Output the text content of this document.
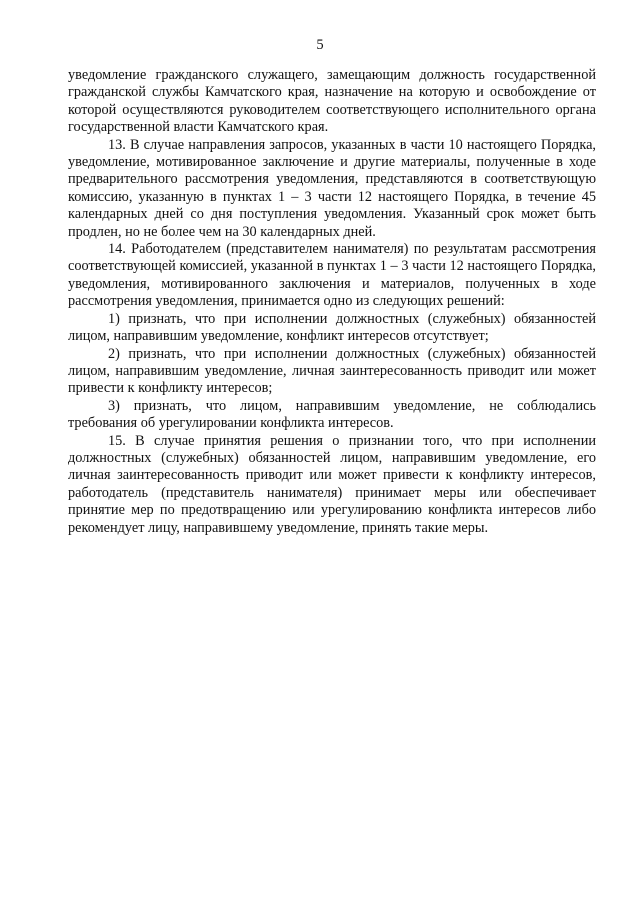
5

уведомление гражданского служащего, замещающим должность государственной гражданской службы Камчатского края, назначение на которую и освобождение от которой осуществляются руководителем соответствующего исполнительного органа государственной власти Камчатского края.

13. В случае направления запросов, указанных в части 10 настоящего Порядка, уведомление, мотивированное заключение и другие материалы, полученные в ходе предварительного рассмотрения уведомления, представляются в соответствующую комиссию, указанную в пунктах 1 – 3 части 12 настоящего Порядка, в течение 45 календарных дней со дня поступления уведомления. Указанный срок может быть продлен, но не более чем на 30 календарных дней.

14. Работодателем (представителем нанимателя) по результатам рассмотрения соответствующей комиссией, указанной в пунктах 1 – 3 части 12 настоящего Порядка, уведомления, мотивированного заключения и материалов, полученных в ходе рассмотрения уведомления, принимается одно из следующих решений:

1) признать, что при исполнении должностных (служебных) обязанностей лицом, направившим уведомление, конфликт интересов отсутствует;

2) признать, что при исполнении должностных (служебных) обязанностей лицом, направившим уведомление, личная заинтересованность приводит или может привести к конфликту интересов;

3) признать, что лицом, направившим уведомление, не соблюдались требования об урегулировании конфликта интересов.

15. В случае принятия решения о признании того, что при исполнении должностных (служебных) обязанностей лицом, направившим уведомление, его личная заинтересованность приводит или может привести к конфликту интересов, работодатель (представитель нанимателя) принимает меры или обеспечивает принятие мер по предотвращению или урегулированию конфликта интересов либо рекомендует лицу, направившему уведомление, принять такие меры.
